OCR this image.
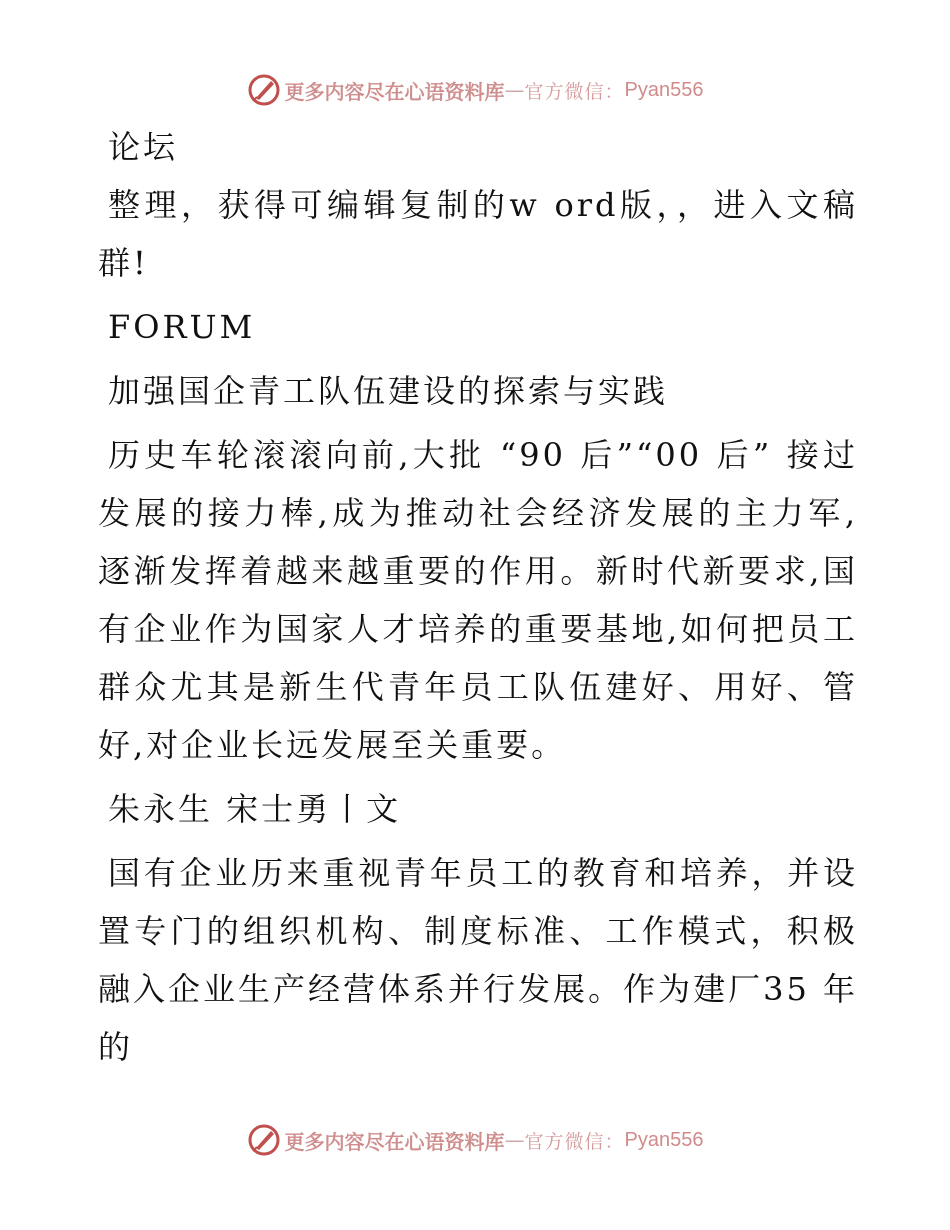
更多内容尽在心语资料库 — 官方微信： Pyan556

论坛

整理，获得可编辑复制的w ord版，，进入文稿群!

FORUM

加强国企青工队伍建设的探索与实践

历史车轮滚滚向前,大批 “90 后”“00 后” 接过发展的接力棒,成为推动社会经济发展的主力军,逐渐发挥着越来越重要的作用。新时代新要求,国有企业作为国家人才培养的重要基地,如何把员工群众尤其是新生代青年员工队伍建好、用好、管好,对企业长远发展至关重要。

朱永生 宋士勇丨文

国有企业历来重视青年员工的教育和培养，并设置专门的组织机构、制度标准、工作模式，积极融入企业生产经营体系并行发展。作为建厂35 年的

更多内容尽在心语资料库 — 官方微信： Pyan556
